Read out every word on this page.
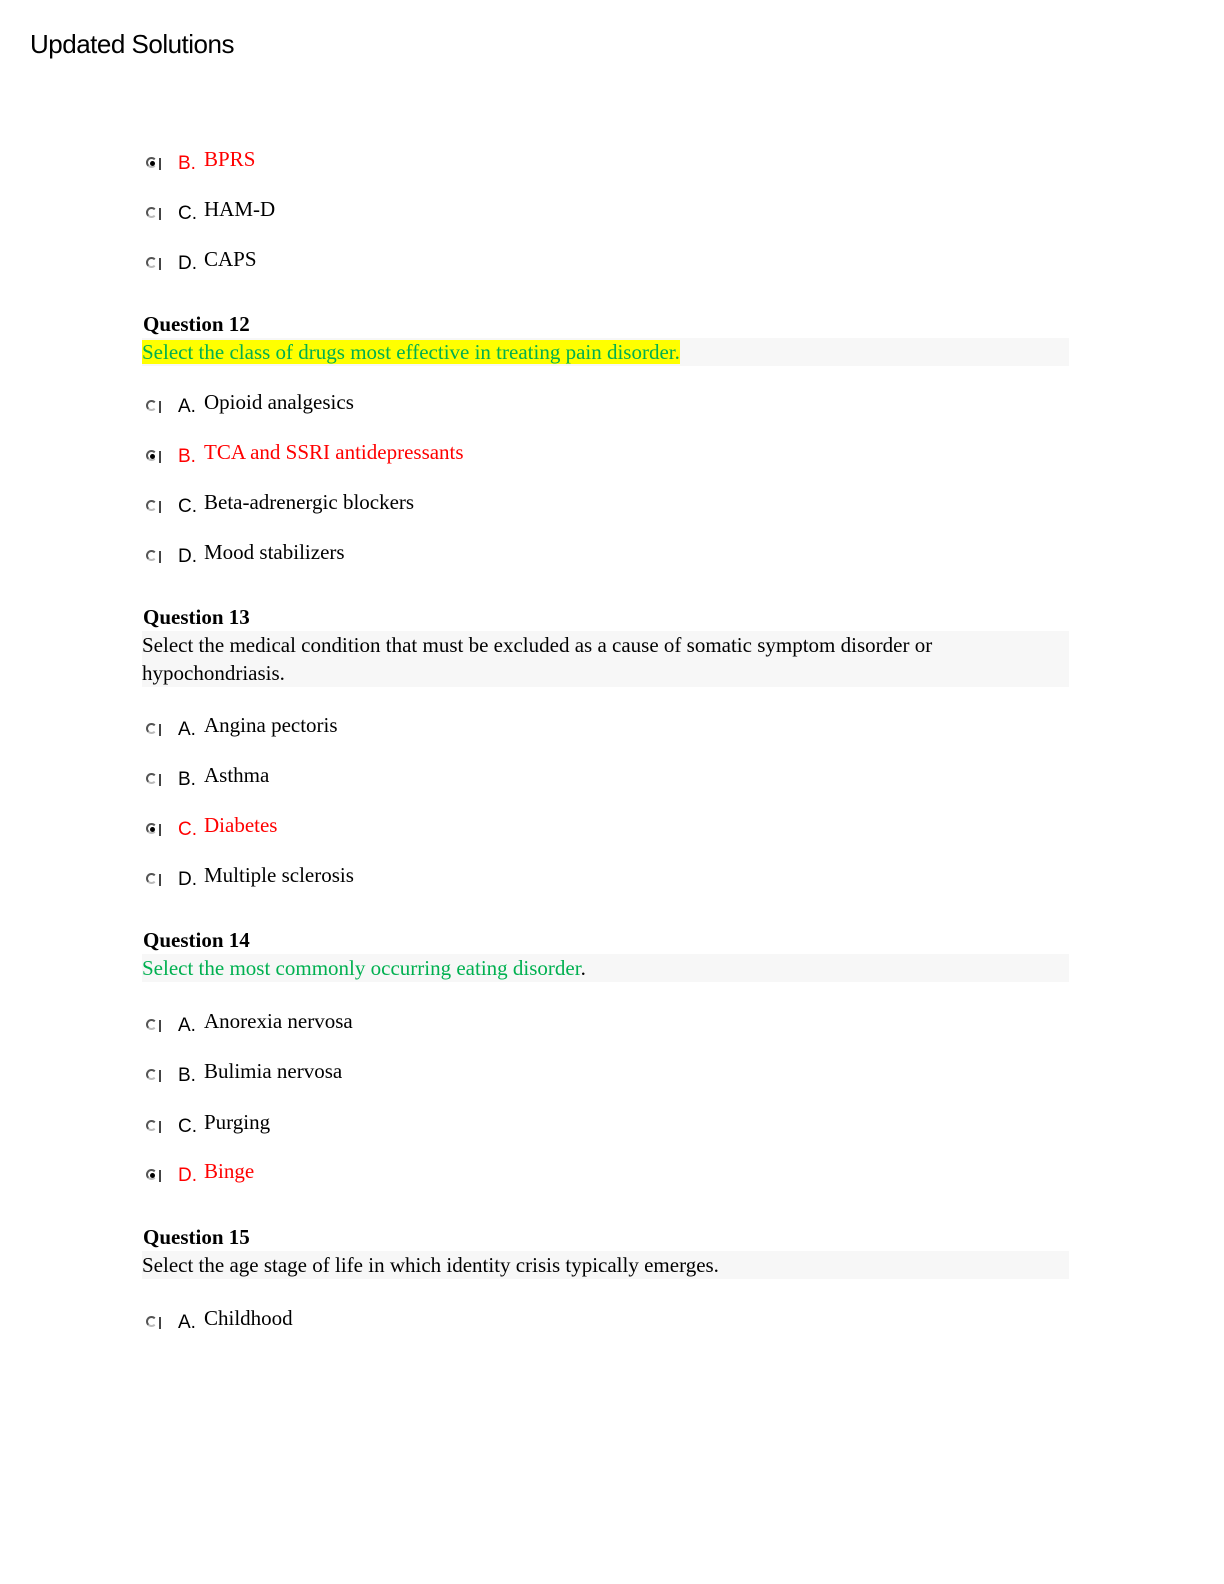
Updated Solutions
B. BPRS
C. HAM-D
D. CAPS
Question 12
Select the class of drugs most effective in treating pain disorder.
A. Opioid analgesics
B. TCA and SSRI antidepressants
C. Beta-adrenergic blockers
D. Mood stabilizers
Question 13
Select the medical condition that must be excluded as a cause of somatic symptom disorder or hypochondriasis.
A. Angina pectoris
B. Asthma
C. Diabetes
D. Multiple sclerosis
Question 14
Select the most commonly occurring eating disorder.
A. Anorexia nervosa
B. Bulimia nervosa
C. Purging
D. Binge
Question 15
Select the age stage of life in which identity crisis typically emerges.
A. Childhood
